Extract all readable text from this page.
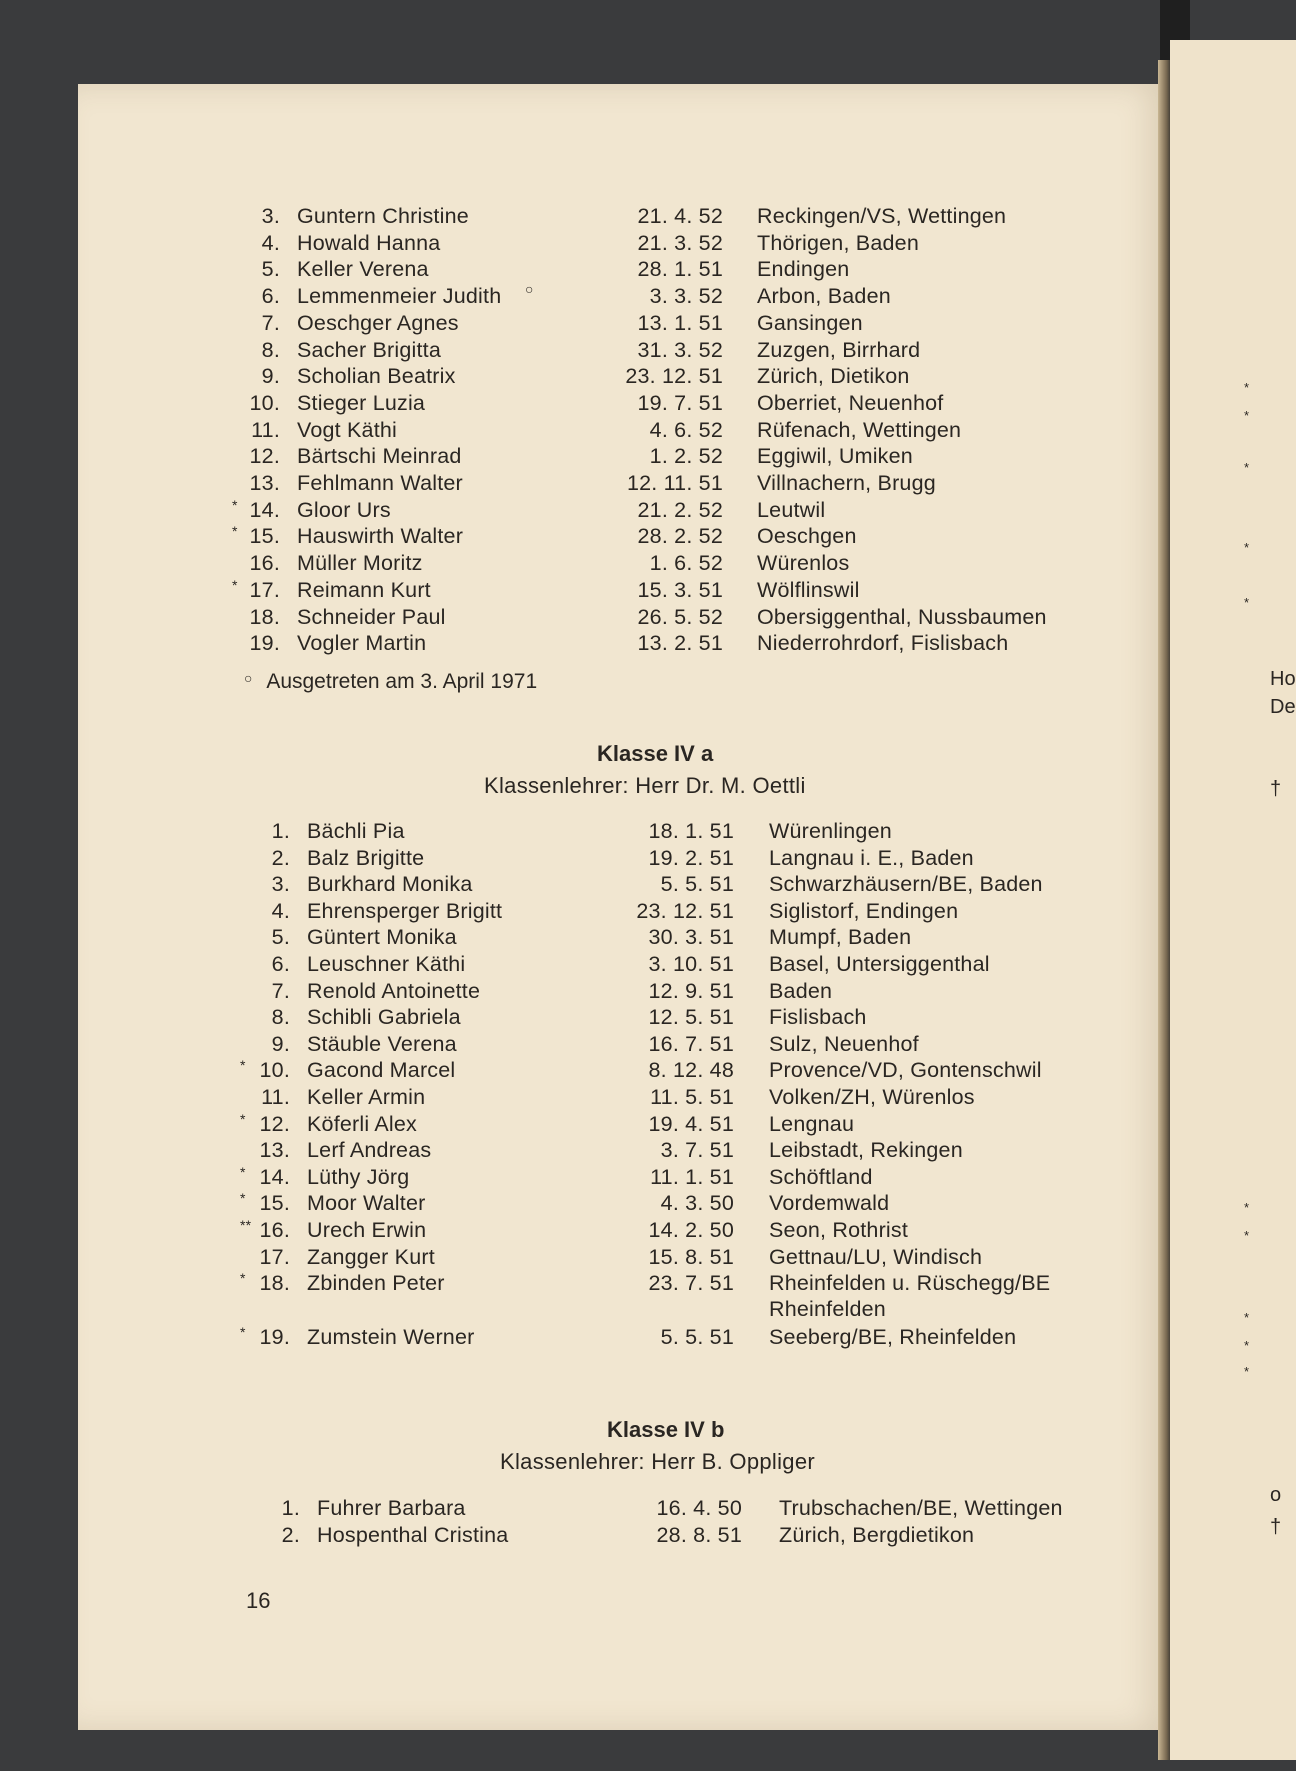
3. Guntern Christine	21. 4. 52 Reckingen/VS, Wettingen
4. Howald Hanna	21. 3. 52 Thörigen, Baden
5. Keller Verena	28. 1. 51 Endingen
6. Lemmenmeier Judith ○	3. 3. 52 Arbon, Baden
7. Oeschger Agnes	13. 1. 51 Gansingen
8. Sacher Brigitta	31. 3. 52 Zuzgen, Birrhard
9. Scholian Beatrix	23. 12. 51 Zürich, Dietikon
10. Stieger Luzia	19. 7. 51 Oberriet, Neuenhof
11. Vogt Käthi	4. 6. 52 Rüfenach, Wettingen
12. Bärtschi Meinrad	1. 2. 52 Eggiwil, Umiken
13. Fehlmann Walter	12. 11. 51 Villnachern, Brugg
* 14. Gloor Urs	21. 2. 52 Leutwil
* 15. Hauswirth Walter	28. 2. 52 Oeschgen
16. Müller Moritz	1. 6. 52 Würenlos
* 17. Reimann Kurt	15. 3. 51 Wölflinswil
18. Schneider Paul	26. 5. 52 Obersiggenthal, Nussbaumen
19. Vogler Martin	13. 2. 51 Niederrohrdorf, Fislisbach
1. Bächli Pia	18. 1. 51 Würenlingen
2. Balz Brigitte	19. 2. 51 Langnau i. E., Baden
3. Burkhard Monika	5. 5. 51 Schwarzhäusern/BE, Baden
4. Ehrensperger Brigitt	23. 12. 51 Siglistorf, Endingen
5. Güntert Monika	30. 3. 51 Mumpf, Baden
6. Leuschner Käthi	3. 10. 51 Basel, Untersiggenthal
7. Renold Antoinette	12. 9. 51 Baden
8. Schibli Gabriela	12. 5. 51 Fislisbach
9. Stäuble Verena	16. 7. 51 Sulz, Neuenhof
* 10. Gacond Marcel	8. 12. 48 Provence/VD, Gontenschwil
11. Keller Armin	11. 5. 51 Volken/ZH, Würenlos
* 12. Köferli Alex	19. 4. 51 Lengnau
13. Lerf Andreas	3. 7. 51 Leibstadt, Rekingen
* 14. Lüthy Jörg	11. 1. 51 Schöftland
* 15. Moor Walter	4. 3. 50 Vordemwald
** 16. Urech Erwin	14. 2. 50 Seon, Rothrist
17. Zangger Kurt	15. 8. 51 Gettnau/LU, Windisch
* 18. Zbinden Peter	23. 7. 51 Rheinfelden u. Rüschegg/BE
Rheinfelden
* 19. Zumstein Werner	5. 5. 51 Seeberg/BE, Rheinfelden
1. Fuhrer Barbara	16. 4. 50 Trubschachen/BE, Wettingen
2. Hospenthal Cristina	28. 8. 51 Zürich, Bergdietikon
○ Ausgetreten am 3. April 1971
Klasse IV a
Klassenlehrer: Herr Dr. M. Oettli
Klasse IV b
Klassenlehrer: Herr B. Oppliger
16
*
*
*
*
*
Ho
De
†
*
*
*
*
*
o
†
